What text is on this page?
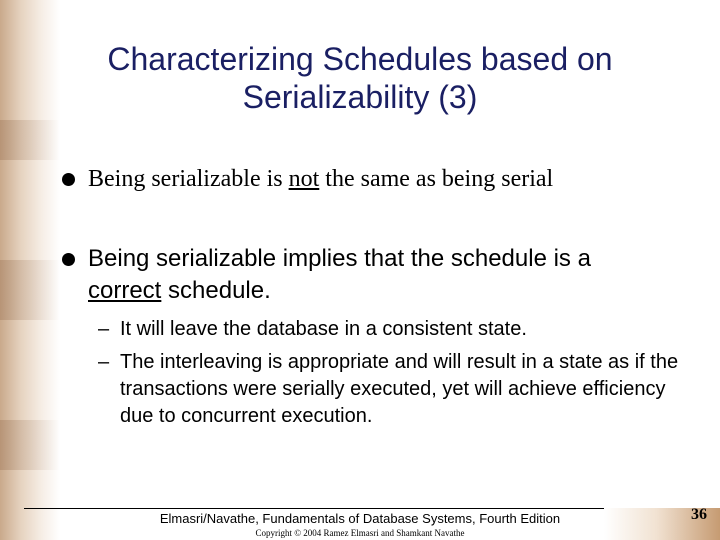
Characterizing Schedules based on
Serializability (3)
Being serializable is not the same as being serial
Being serializable implies that the schedule is a
correct schedule.
– It will leave the database in a consistent state.
– The interleaving is appropriate and will result in a state as if the transactions were serially executed, yet will achieve efficiency due to concurrent execution.
Elmasri/Navathe, Fundamentals of Database Systems, Fourth Edition
Copyright © 2004 Ramez Elmasri and Shamkant Navathe
36
